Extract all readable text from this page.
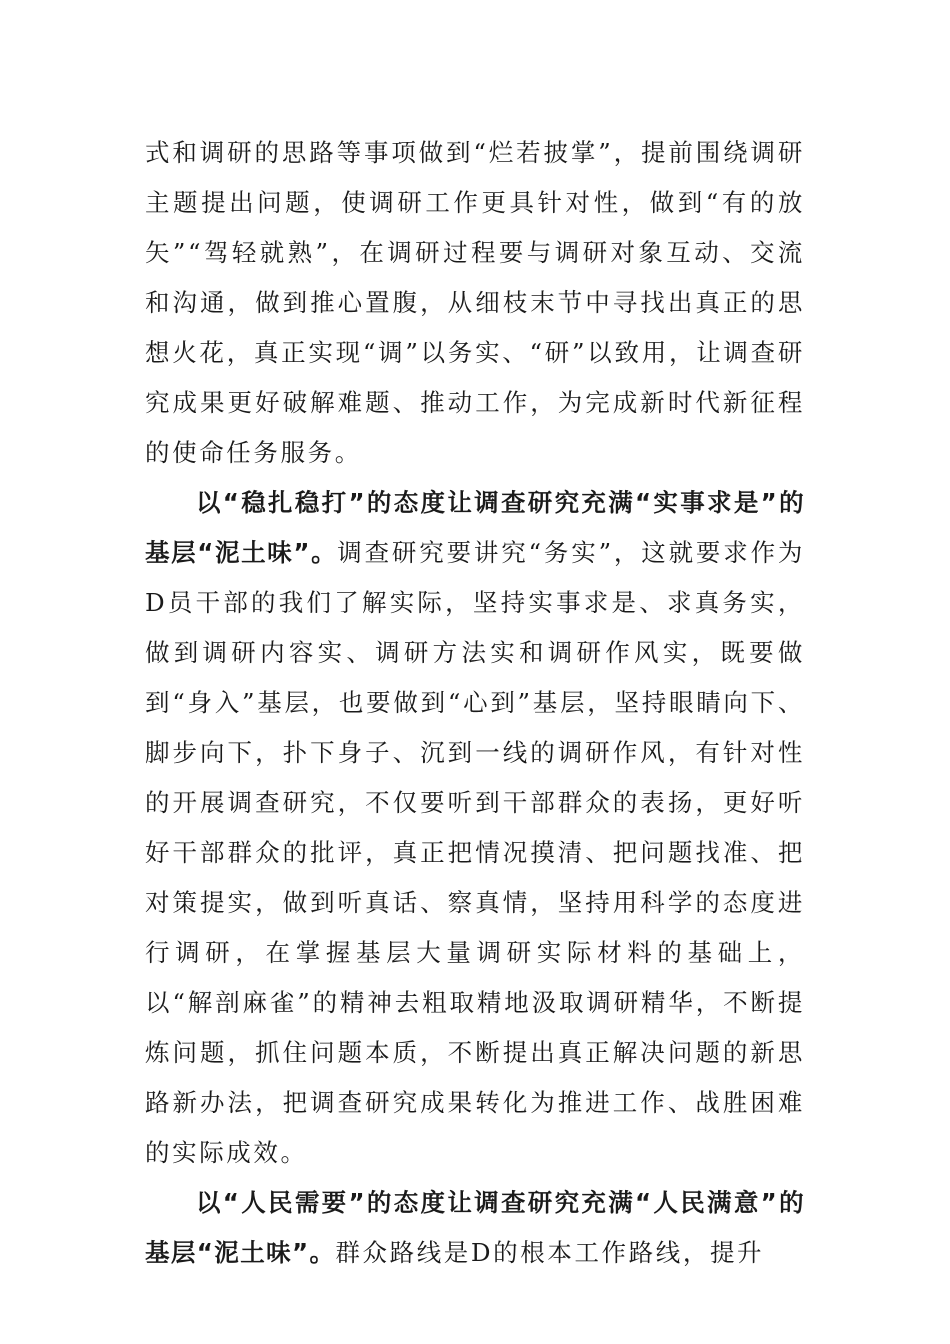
式和调研的思路等事项做到“烂若披掌”，提前围绕调研主题提出问题，使调研工作更具针对性，做到“有的放矢”“驾轻就熟”，在调研过程要与调研对象互动、交流和沟通，做到推心置腹，从细枝末节中寻找出真正的思想火花，真正实现“调”以务实、“研”以致用，让调查研究成果更好破解难题、推动工作，为完成新时代新征程的使命任务服务。

以“稳扎稳打”的态度让调查研究充满“实事求是”的基层“泥土味”。调查研究要讲究“务实”，这就要求作为D员干部的我们了解实际，坚持实事求是、求真务实，做到调研内容实、调研方法实和调研作风实，既要做到“身入”基层，也要做到“心到”基层，坚持眼睛向下、脚步向下，扑下身子、沉到一线的调研作风，有针对性的开展调查研究，不仅要听到干部群众的表扬，更好听好干部群众的批评，真正把情况摸清、把问题找准、把对策提实，做到听真话、察真情，坚持用科学的态度进行调研，在掌握基层大量调研实际材料的基础上，以“解剖麻雀”的精神去粗取精地汲取调研精华，不断提炼问题，抓住问题本质，不断提出真正解决问题的新思路新办法，把调查研究成果转化为推进工作、战胜困难的实际成效。

以“人民需要”的态度让调查研究充满“人民满意”的基层“泥土味”。群众路线是D的根本工作路线，提升
